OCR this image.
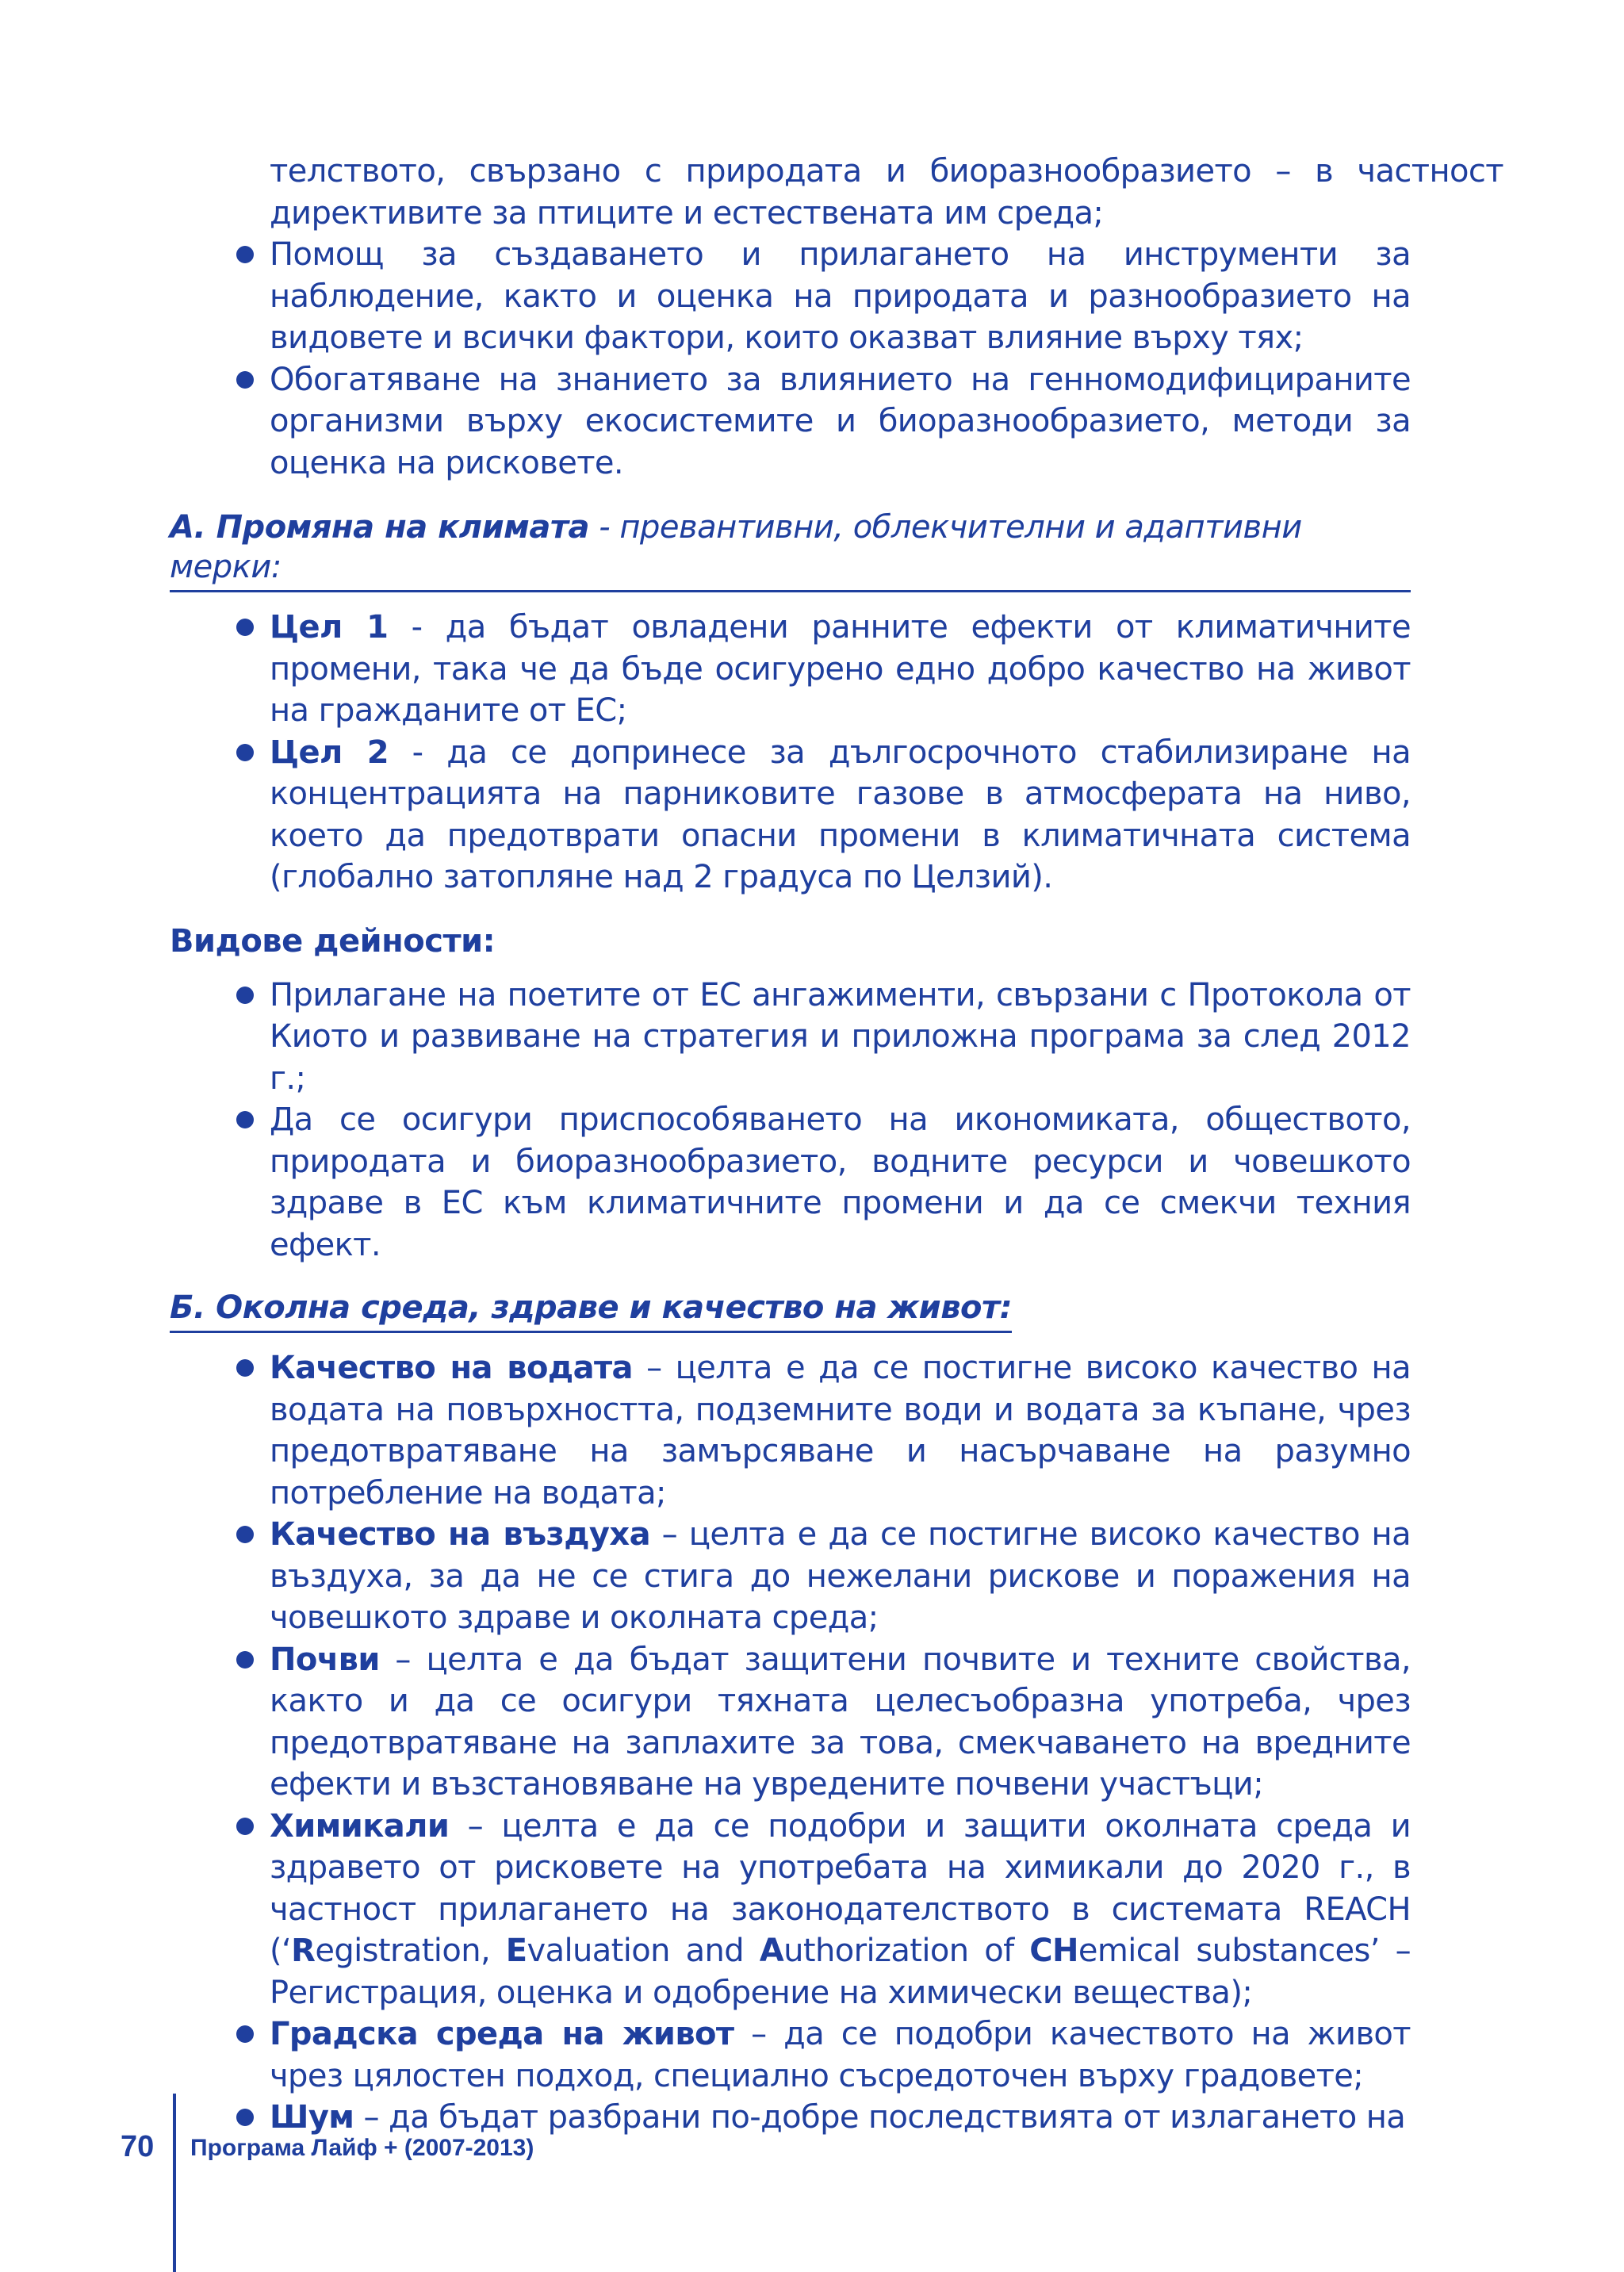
телството, свързано с природата и биоразнообразието – в частност директивите за птиците и естествената им среда;

Помощ за създаването и прилагането на инструменти за наблюдение, както и оценка на природата и разнообразието на видовете и всички фактори, които оказват влияние върху тях;
Обогатяване на знанието за влиянието на генномодифицираните организми върху екосистемите и биоразнообразието, методи за оценка на рисковете.
А. Промяна на климата - превантивни, облекчителни и адаптивни мерки:
Цел 1 - да бъдат овладени ранните ефекти от климатичните промени, така че да бъде осигурено едно добро качество на живот на гражданите от ЕС;
Цел 2 - да се допринесе за дългосрочното стабилизиране на концентрацията на парниковите газове в атмосферата на ниво, което да предотврати опасни промени в климатичната система (глобално затопляне над 2 градуса по Целзий).
Видове дейности:
Прилагане на поетите от ЕС ангажименти, свързани с Протокола от Киото и развиване на стратегия и приложна програма за след 2012 г.;
Да се осигури приспособяването на икономиката, обществото, природата и биоразнообразието, водните ресурси и човешкото здраве в ЕС към климатичните промени и да се смекчи техния ефект.
Б. Околна среда, здраве и качество на живот:
Качество на водата – целта е да се постигне високо качество на водата на повърхността, подземните води и водата за къпане, чрез предотвратяване на замърсяване и насърчаване на разумно потребление на водата;
Качество на въздуха – целта е да се постигне високо качество на въздуха, за да не се стига до нежелани рискове и поражения на човешкото здраве и околната среда;
Почви – целта е да бъдат защитени почвите и техните свойства, както и да се осигури тяхната целесъобразна употреба, чрез предотвратяване на заплахите за това, смекчаването на вредните ефекти и възстановяване на увредените почвени участъци;
Химикали – целта е да се подобри и защити околната среда и здравето от рисковете на употребата на химикали до 2020 г., в частност прилагането на законодателството в системата REACH (‘Registration, Evaluation and Authorization of CHemical substances’ – Регистрация, оценка и одобрение на химически вещества);
Градска среда на живот – да се подобри качеството на живот чрез цялостен подход, специално съсредоточен върху градовете;
Шум – да бъдат разбрани по-добре последствията от излагането на
70 Програма Лайф + (2007-2013)
